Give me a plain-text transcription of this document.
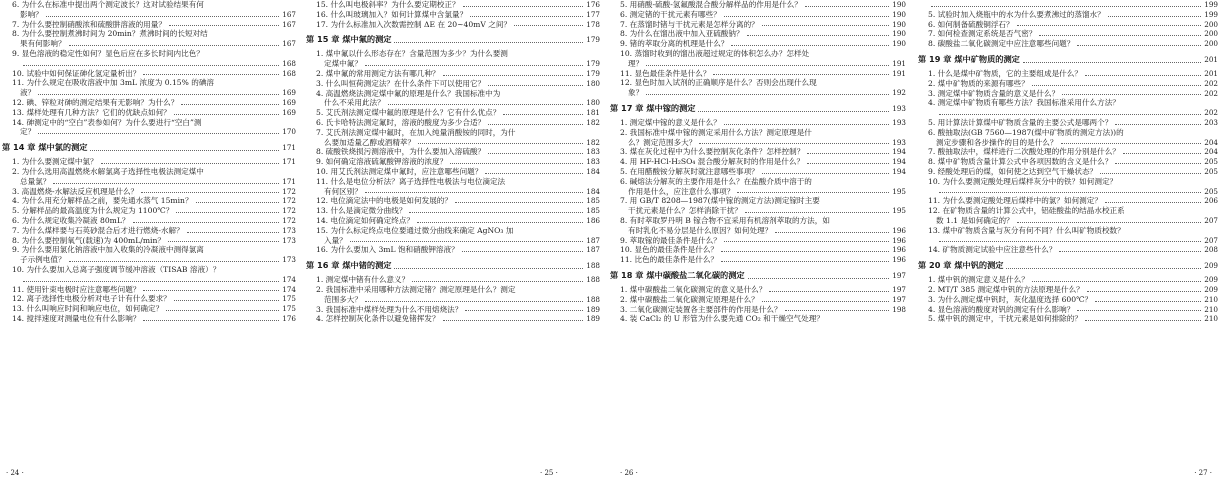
6. 为什么在标准中提出两个测定波长？这对试验结果有何
影响？	167
7. 为什么要控制硝酸浓和硫酸肼溶液的用量？	167
8. 为什么要控制煮沸时间为 20min？煮沸时间的长短对结
果有何影响？	167
9. 显色溶液的稳定性如何？显色后应在多长时间内比色？
168
10. 试验中如何保证砷化氢定量析出？	168
11. 为什么规定在吸收溶液中加 3mL 浓度为 0.15% 的碘溶
液？	169
12. 碘、锌粒对砷的测定结果有无影响？为什么？	169
13. 煤样处理有几种方法？它们的优缺点如何？	169
14. 砷测定中的“空白”表参如何？为什么要进行“空白”测
定？	170
第 14 章 煤中氯的测定	171
1. 为什么要测定煤中氯？	171
2. 为什么选用高温燃烧水解氯离子选择性电极法测定煤中
总量氯？	171
3. 高温燃烧-水解法反应机理是什么？	172
4. 为什么用充分解样品之前，要先通水蒸气 15min？	172
5. 分解样品的最高温度为什么规定为 1100℃？	172
6. 为什么规定收集冷凝液 80mL？	172
7. 为什么煤样要与石英砂混合后才进行燃烧-水解？	173
8. 为什么要控制氧气(载速)为 400mL/min？	173
9. 为什么要用氯化钠溶液中加入收集的冷凝液中测得氯离
子示例电值？	173
10. 为什么要加入总离子强度调节缓冲溶液（TISAB 溶液）？
174
11. 使用针束电极时应注意哪些问题？	174
12. 离子选择性电极分析对电子计有什么要求？	175
13. 什么叫响应时间和响应电位，如何确定？	175
14. 搅拌速度对测量电位有什么影响？	176
· 24 ·
15. 什么叫电极斜率？为什么要定期校正？	176
16. 什么叫玻璃加入？如何计算煤中含氯量？	177
17. 为什么标准加入次数需控制 ΔE 在 20~40mV 之间？	178
第 15 章 煤中氟的测定	179
1. 煤中氟以什么形态存在？含量范围为多少？为什么要测
定煤中氟？	179
2. 煤中氟的常用测定方法有哪几种？	179
3. 什么叫恒荷测定法？在什么条件下可以使用它？	180
4. 高温燃烧法测定煤中氟的原理是什么？我国标准中为
什么不采用此法？	180
5. 艾氏剂法测定煤中氟的原理是什么？它有什么优点？	181
6. 氏卡哈特法测定氟时，溶液的酸度为多少合适？	182
7. 艾氏剂法测定煤中氟时，在加入纯量消酸铵的同时，为什
么要加适量乙醇或酒精萃？	182
8. 硫酸铁烧损污测溶液中，为什么要加入溶硫酸？	183
9. 如何确定溶液硫氟酸钾溶液的浓度？	183
10. 用艾氏剂法测定煤中氟时，应注意哪些问题？	184
11. 什么是电位分析法？离子选择性电极法与电位滴定法
有何区别？	184
12. 电位滴定法中的电极是如何发展的？	185
13. 什么是滴定微分曲线？	185
14. 电位滴定如何确定终点？	186
15. 为什么标定终点电位要通过微分曲线来确定 AgNO₃ 加
入量？	187
16. 为什么要加入 3mL 饱和硝酸钾溶液？	187
第 16 章 煤中锗的测定	188
1. 测定煤中锗有什么意义？	188
2. 我国标准中采用哪种方法测定锗？测定原理是什么？测定
范围多大？	188
3. 我国标准中煤样处理为什么不用熔烧法？	189
4. 怎样控制灰化条件以避免锗挥发？	189
· 25 ·
5. 用硝酸-硫酸-氢氟酸混合酸分解样品的作用是什么？	190
6. 测定锗的干扰元素有哪些？	190
7. 在蒸馏时锗与干扰元素是怎样分离的？	190
8. 为什么在馏出液中加入亚硫酸钠？	190
9. 锗的萃取分离的机理是什么？	190
10. 蒸馏时收到的馏出液超过规定的体积怎么办？怎样处
理？	191
11. 显色最佳条件是什么？	191
12. 显色时加入试剂的正确顺序是什么？否则会出现什么现
象？	192
第 17 章 煤中镓的测定	193
1. 测定煤中镓的意义是什么？	193
2. 我国标准中煤中镓的测定采用什么方法？测定原理是什
么？测定范围多大？	193
3. 煤在灰化过程中为什么要控制灰化条件？怎样控制？	194
4. 用 HF-HCl-H₂SO₄ 混合酸分解灰时的作用是什么？	194
5. 在用醋酸铵分解灰时就注意哪些事项？	194
6. 碱熔法分解灰的主要作用是什么？在盐酸介质中溶于的
作用是什么，应注意什么事项？	195
7. 用 GB/T 8208—1987(煤中镓的测定方法)测定镓时主要
干扰元素是什么？怎样消除干扰？	195
8. 有时萃取罗丹明 B 镓合物不宜采用有机溶剂萃取的方法，如
有时乳化不易分层是什么原因？如何处理？	196
9. 萃取镓的最佳条件是什么？	196
10. 显色的最佳条件是什么？	196
11. 比色的最佳条件是什么？	196
第 18 章 煤中碳酸盐二氧化碳的测定	197
1. 煤中碳酸盐二氧化碳测定的意义是什么？	197
2. 煤中碳酸盐二氧化碳测定原理是什么？	197
3. 二氧化碳测定装置各主要部件的作用是什么？	198
4. 装 CaCl₂ 的 U 形管为什么要先通 CO₂ 和干燥空气处理？
· 26 ·
199
5. 试验时加入烧瓶中的水为什么要煮沸过的蒸馏水？	199
6. 如何制备硫酸铜浮石？	200
7. 如何检查测定系统是否气密？	200
8. 碳酸盐二氧化碳测定中应注意哪些问题？	200
第 19 章 煤中矿物质的测定	201
1. 什么是煤中矿物质，它的主要组成是什么？	201
2. 煤中矿物质的来源有哪些？	202
3. 测定煤中矿物质含量的意义是什么？	202
4. 测定煤中矿物质有哪些方法？我国标准采用什么方法？
202
5. 用计算法计算煤中矿物质含量的主要公式是哪两个？	203
6. 酸抽取法(GB 7560—1987(煤中矿物质的测定方法))的
测定步骤和各步操作的目的是什么？	204
7. 酸抽取法中，煤样进行二次酸处理的作用分别是什么？	204
8. 煤中矿物质含量计算公式中各项因数的含义是什么？	205
9. 经酸处理后的煤，如何使之达到空气干燥状态？	205
10. 为什么要测定酸处理后煤样灰分中的铁？如何测定？
205
11. 为什么要测定酸处理后煤样中的氯？如何测定？	206
12. 在矿物质含量的计算公式中，铝硅酸盐的结晶水校正系
数 1.1 是如何确定的？	207
13. 煤中矿物质含量与灰分有何不同？什么叫矿物质校数？
207
14. 矿物质测定试验中应注意些什么？	208
第 20 章 煤中钒的测定	209
1. 煤中钒的测定意义是什么？	209
2. MT/T 385 测定煤中钒的方法原理是什么？	209
3. 为什么测定煤中钒时，灰化温度选择 600℃？	210
4. 显色溶液的酸度对钒的测定有什么影响？	210
5. 煤中钒的测定中，干扰元素是如何排除的？	210
· 27 ·
